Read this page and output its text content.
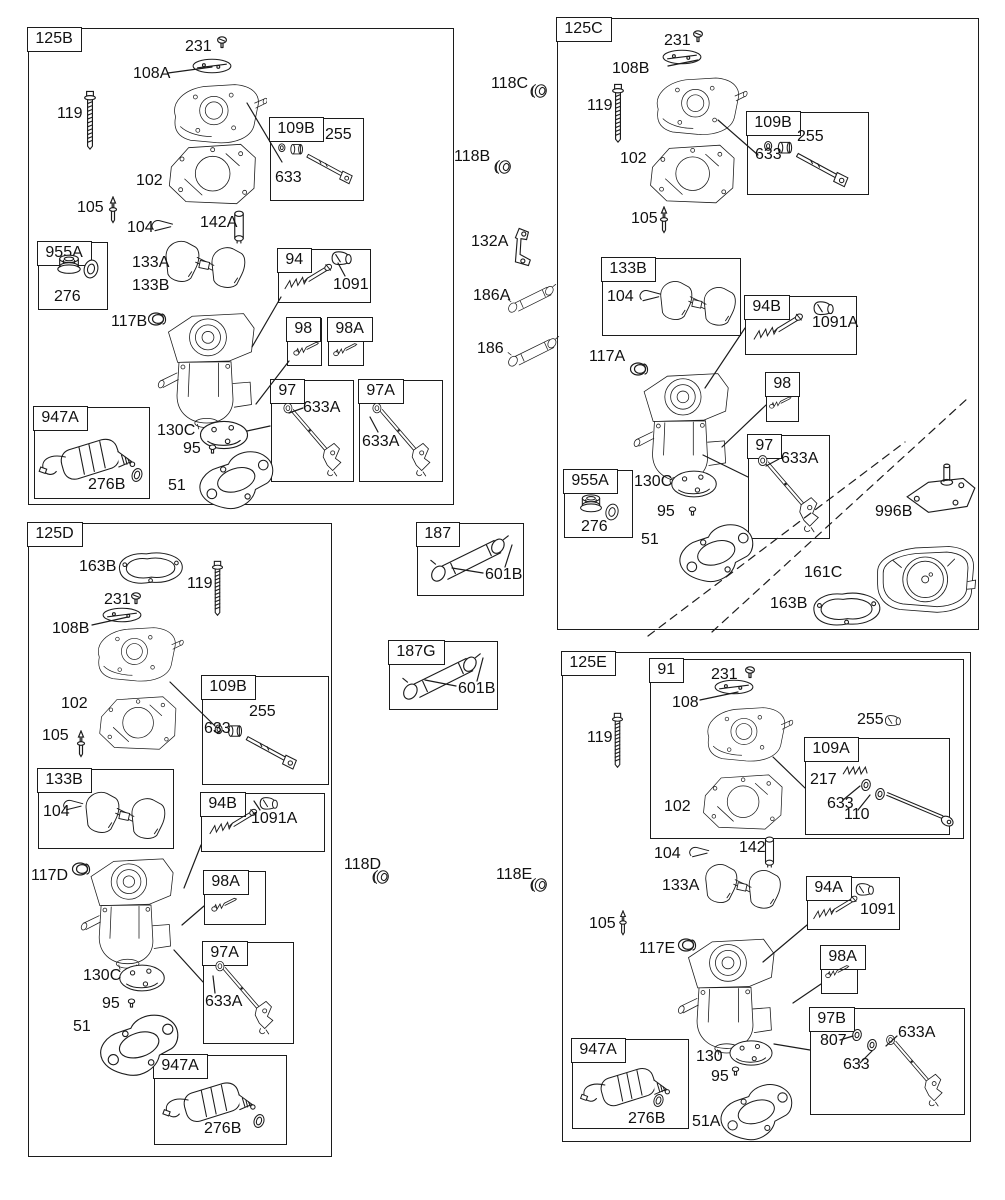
125B
109B
955A	94
98	98A
97	97A
947A
231
108A
119
102
255
633
105
104	142A
133A
133B
276
1091
117B
633A
633A
130C
95
276B	51
125C
109B
133B
94B
98
97
955A
231
108B
119
102
255
633
105
104
1091A
117A
633A
276
130C
95
51
996B
161C
163B
187
601B
187G
601B
125D
109B
133B
94B
98A
97A
947A
163B
119
231
108B
102
105	633
255
104	1091A
117D
633A
130C
95
51
276B
125E	91
109A
94A
98A
97B
947A
231
108
119
255
217
633
110
102
104	142
133A
1091
105
117E
807
633
633A
130
95
51A
276B
118C
118B
132A
186A
186
118D
118E
